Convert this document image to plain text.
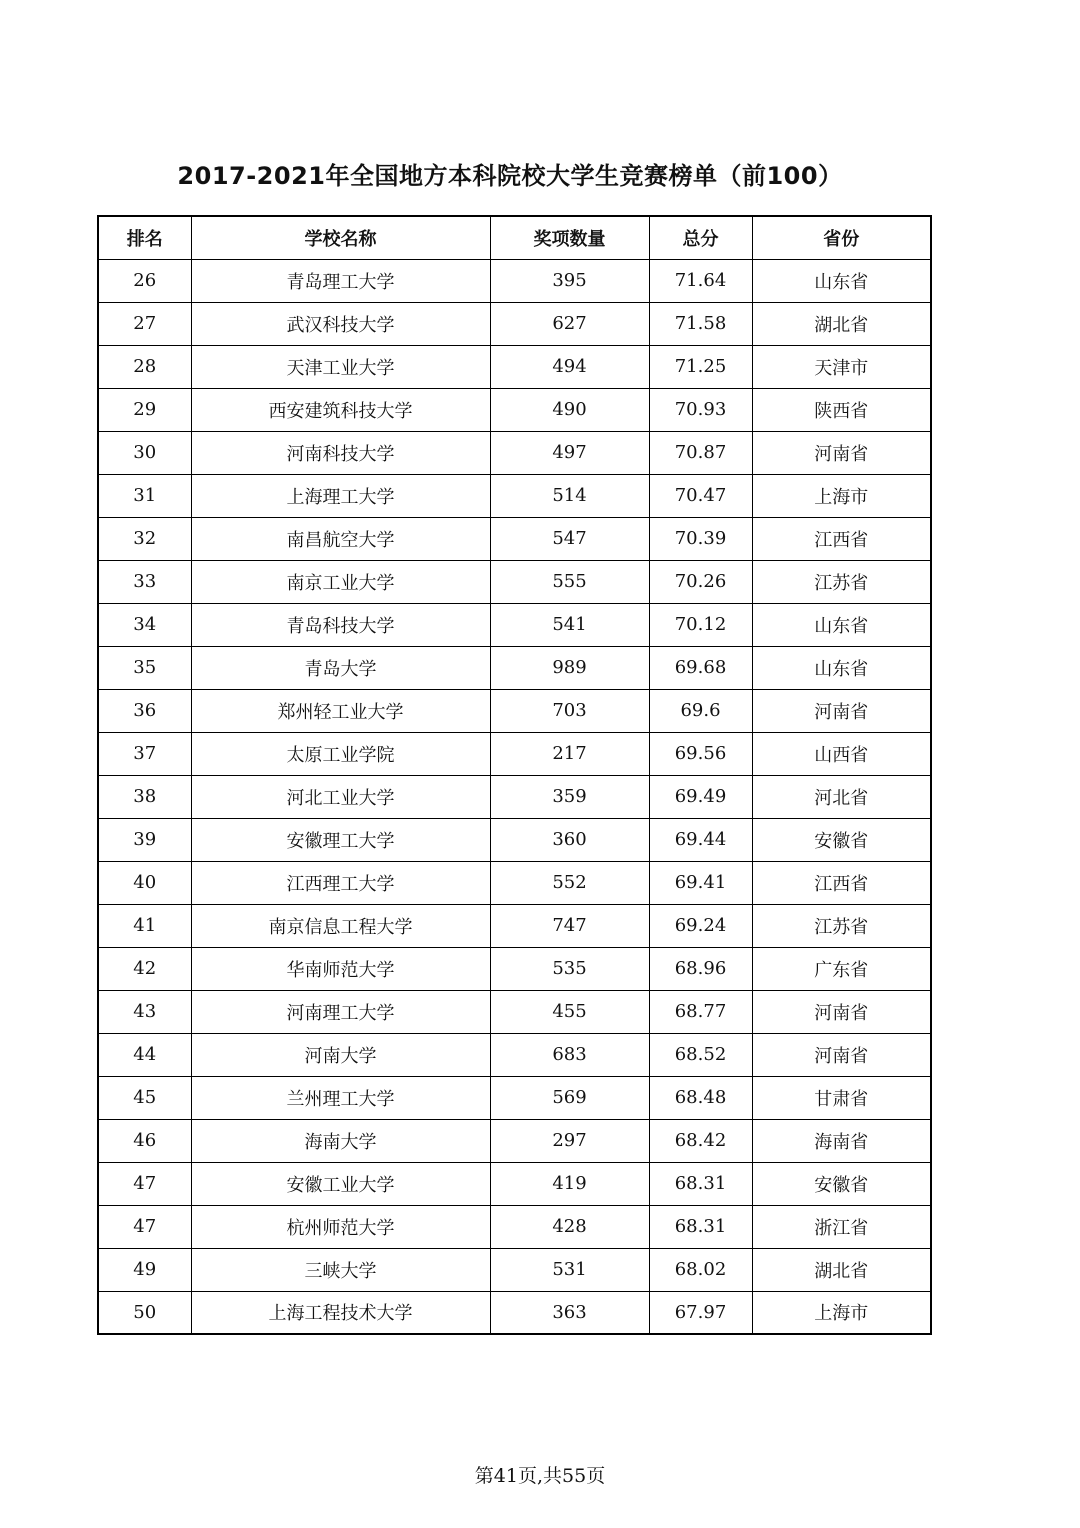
2017-2021年全国地方本科院校大学生竞赛榜单（前100）
排名	学校名称	奖项数量	总分	省份
26	青岛理工大学	395	71.64	山东省
27	武汉科技大学	627	71.58	湖北省
28	天津工业大学	494	71.25	天津市
29	西安建筑科技大学	490	70.93	陕西省
30	河南科技大学	497	70.87	河南省
31	上海理工大学	514	70.47	上海市
32	南昌航空大学	547	70.39	江西省
33	南京工业大学	555	70.26	江苏省
34	青岛科技大学	541	70.12	山东省
35	青岛大学	989	69.68	山东省
36	郑州轻工业大学	703	69.6	河南省
37	太原工业学院	217	69.56	山西省
38	河北工业大学	359	69.49	河北省
39	安徽理工大学	360	69.44	安徽省
40	江西理工大学	552	69.41	江西省
41	南京信息工程大学	747	69.24	江苏省
42	华南师范大学	535	68.96	广东省
43	河南理工大学	455	68.77	河南省
44	河南大学	683	68.52	河南省
45	兰州理工大学	569	68.48	甘肃省
46	海南大学	297	68.42	海南省
47	安徽工业大学	419	68.31	安徽省
47	杭州师范大学	428	68.31	浙江省
49	三峡大学	531	68.02	湖北省
50	上海工程技术大学	363	67.97	上海市
第41页,共55页
